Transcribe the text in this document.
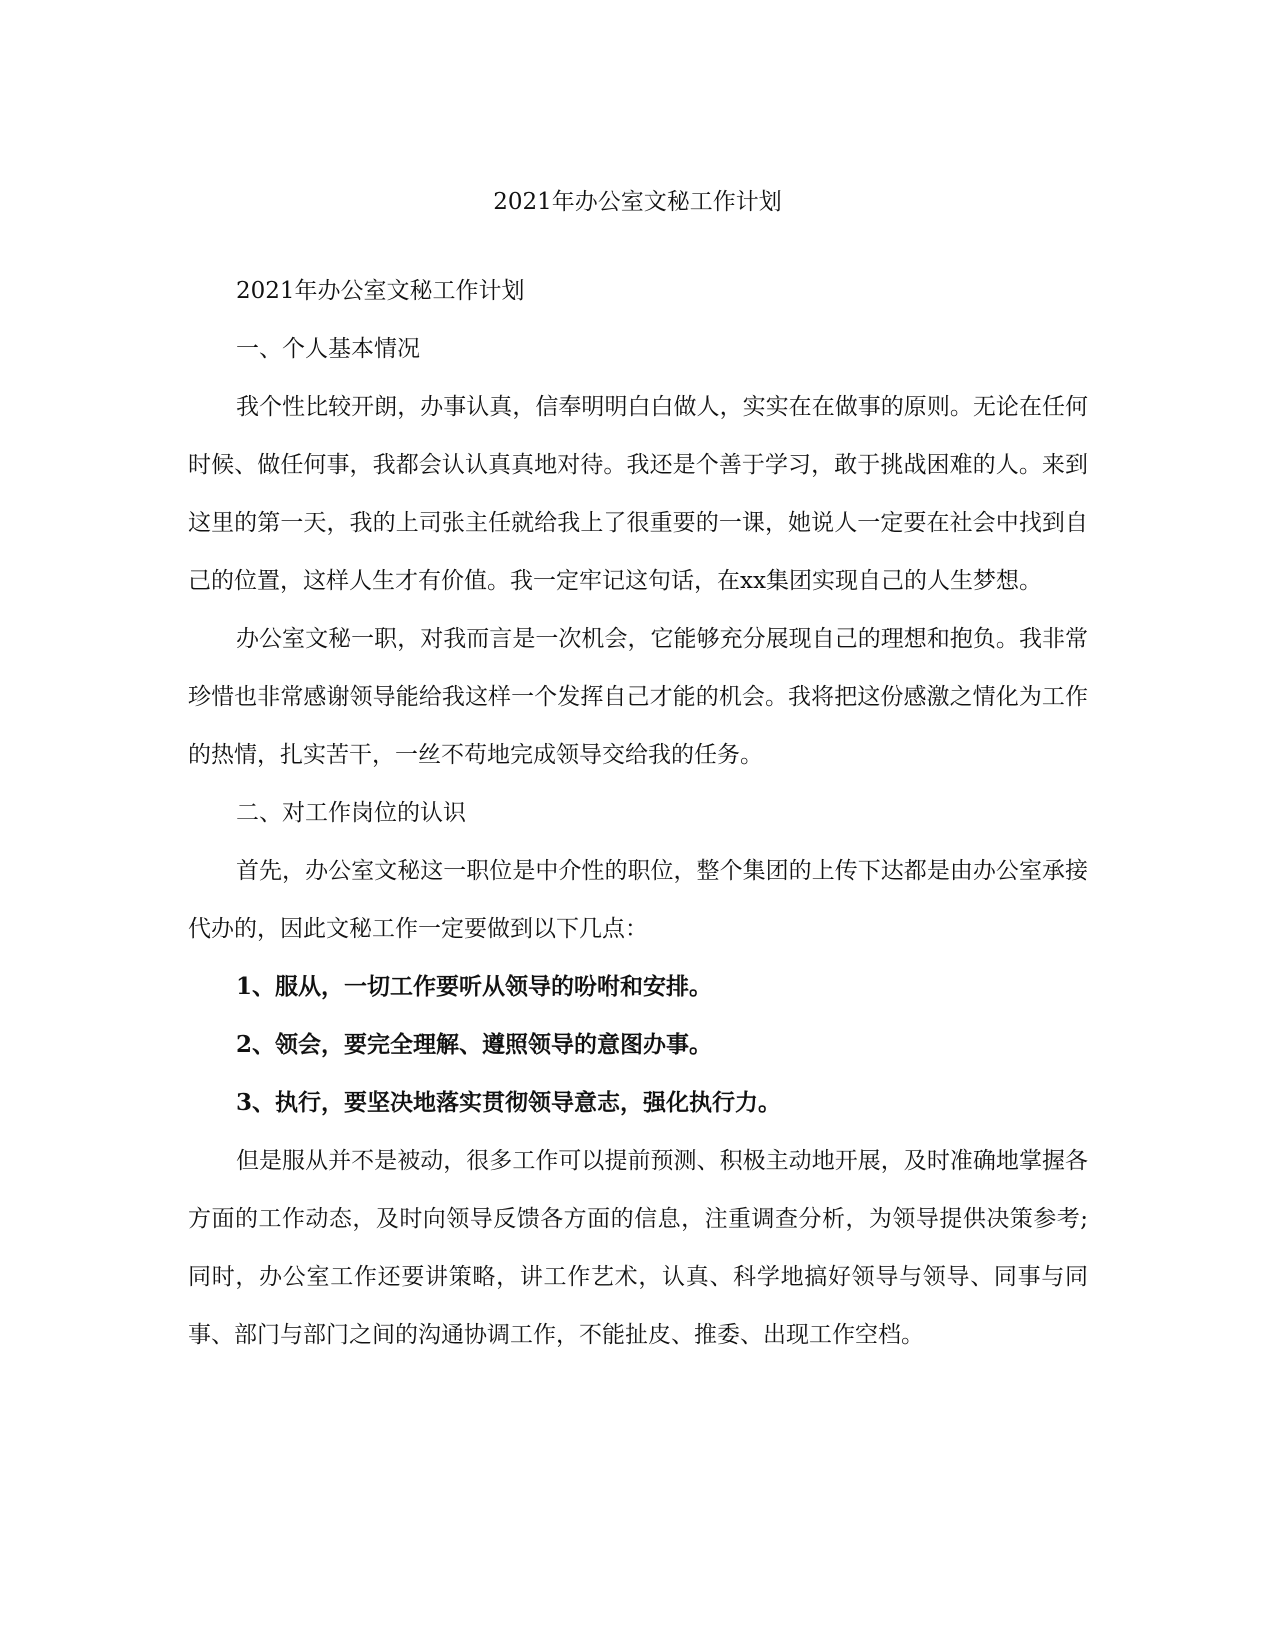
2021年办公室文秘工作计划

2021年办公室文秘工作计划

一、个人基本情况

我个性比较开朗，办事认真，信奉明明白白做人，实实在在做事的原则。无论在任何时候、做任何事，我都会认认真真地对待。我还是个善于学习，敢于挑战困难的人。来到这里的第一天，我的上司张主任就给我上了很重要的一课，她说人一定要在社会中找到自己的位置，这样人生才有价值。我一定牢记这句话，在xx集团实现自己的人生梦想。

办公室文秘一职，对我而言是一次机会，它能够充分展现自己的理想和抱负。我非常珍惜也非常感谢领导能给我这样一个发挥自己才能的机会。我将把这份感激之情化为工作的热情，扎实苦干，一丝不苟地完成领导交给我的任务。

二、对工作岗位的认识

首先，办公室文秘这一职位是中介性的职位，整个集团的上传下达都是由办公室承接代办的，因此文秘工作一定要做到以下几点：

1、服从，一切工作要听从领导的吩咐和安排。

2、领会，要完全理解、遵照领导的意图办事。

3、执行，要坚决地落实贯彻领导意志，强化执行力。

但是服从并不是被动，很多工作可以提前预测、积极主动地开展，及时准确地掌握各方面的工作动态，及时向领导反馈各方面的信息，注重调查分析，为领导提供决策参考;同时，办公室工作还要讲策略，讲工作艺术，认真、科学地搞好领导与领导、同事与同事、部门与部门之间的沟通协调工作，不能扯皮、推委、出现工作空档。
